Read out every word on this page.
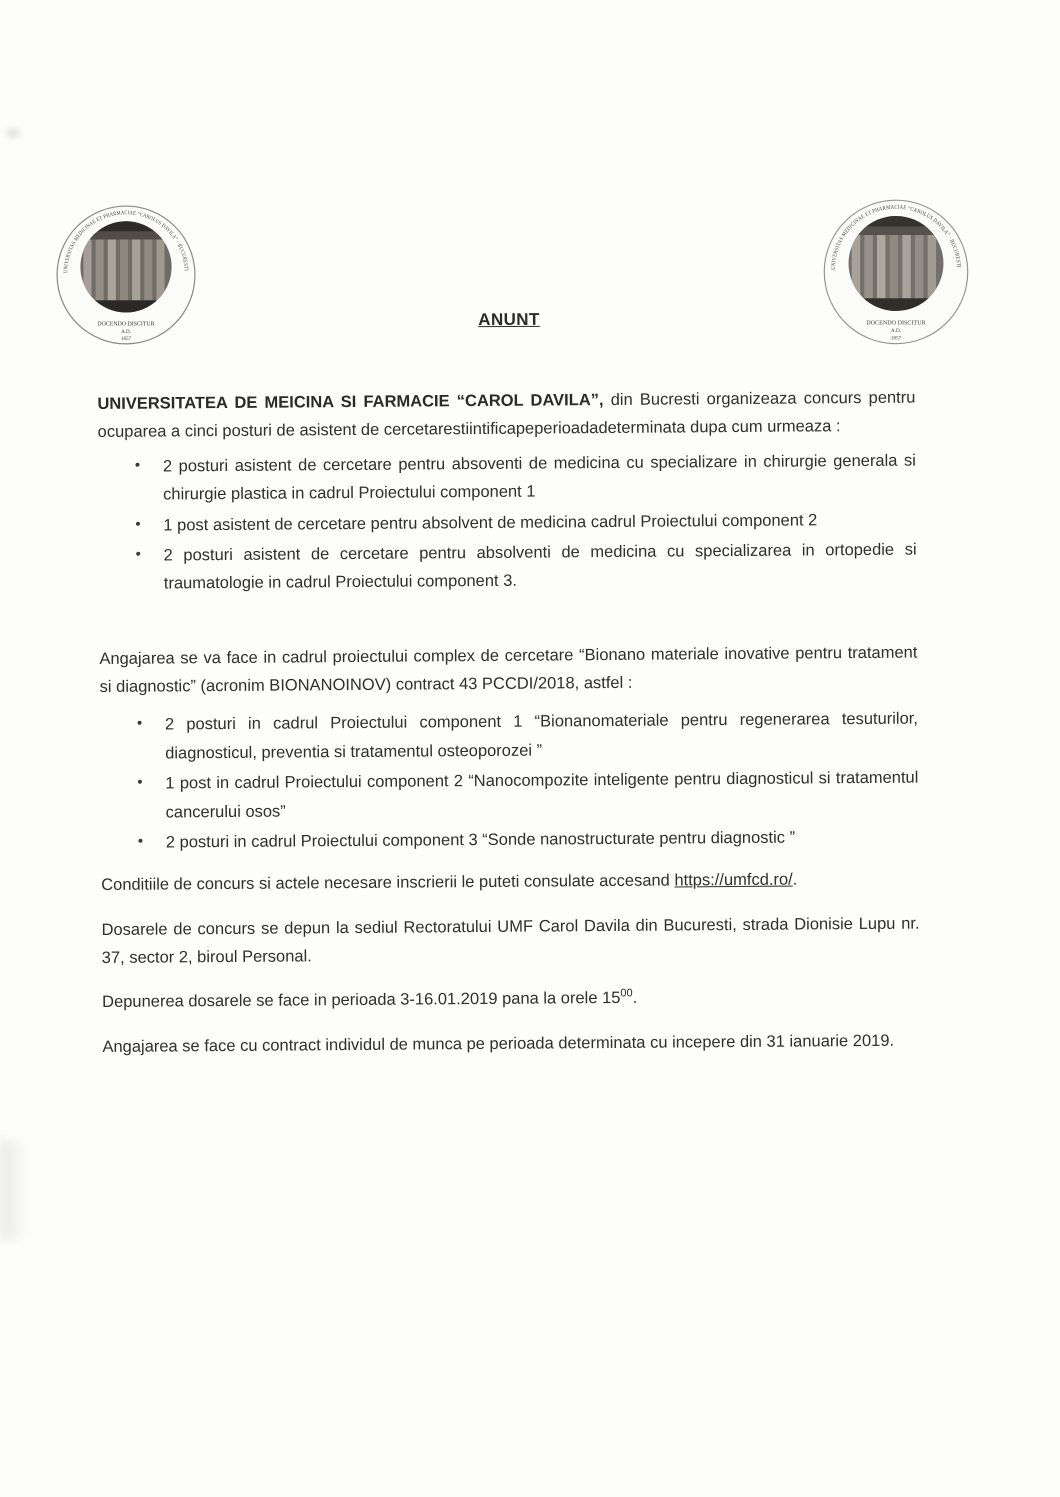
UNIVERSITAS MEDICINAE ET PHARMACIAE “CAROLUS DAVILA” · BUCURESTI
DOCENDO DISCITUR
A.D.
1857
UNIVERSITAS MEDICINAE ET PHARMACIAE “CAROLUS DAVILA” · BUCURESTI
DOCENDO DISCITUR
A.D.
1857
ANUNT

UNIVERSITATEA DE MEICINA SI FARMACIE “CAROL DAVILA”, din Bucresti organizeaza concurs pentru ocuparea a cinci posturi de asistent de cercetarestiintificapeperioadadeterminata dupa cum urmeaza :

• 2 posturi asistent de cercetare pentru absoventi de medicina cu specializare in chirurgie generala si chirurgie plastica in cadrul Proiectului component 1
• 1 post asistent de cercetare pentru absolvent de medicina cadrul Proiectului component 2
• 2 posturi asistent de cercetare pentru absolventi de medicina cu specializarea in ortopedie si traumatologie in cadrul Proiectului component 3.

Angajarea se va face in cadrul proiectului complex de cercetare “Bionano materiale inovative pentru tratament si diagnostic” (acronim BIONANOINOV) contract 43 PCCDI/2018, astfel :

• 2 posturi in cadrul Proiectului component 1 “Bionanomateriale pentru regenerarea tesuturilor, diagnosticul, preventia si tratamentul osteoporozei ”
• 1 post in cadrul Proiectului component 2 “Nanocompozite inteligente pentru diagnosticul si tratamentul cancerului osos”
• 2 posturi in cadrul Proiectului component 3 “Sonde nanostructurate pentru diagnostic ”

Conditiile de concurs si actele necesare inscrierii le puteti consulate accesand https://umfcd.ro/.

Dosarele de concurs se depun la sediul Rectoratului UMF Carol Davila din Bucuresti, strada Dionisie Lupu nr. 37, sector 2, biroul Personal.

Depunerea dosarele se face in perioada 3-16.01.2019 pana la orele $15^{00}$.

Angajarea se face cu contract individul de munca pe perioada determinata cu incepere din 31 ianuarie 2019.
